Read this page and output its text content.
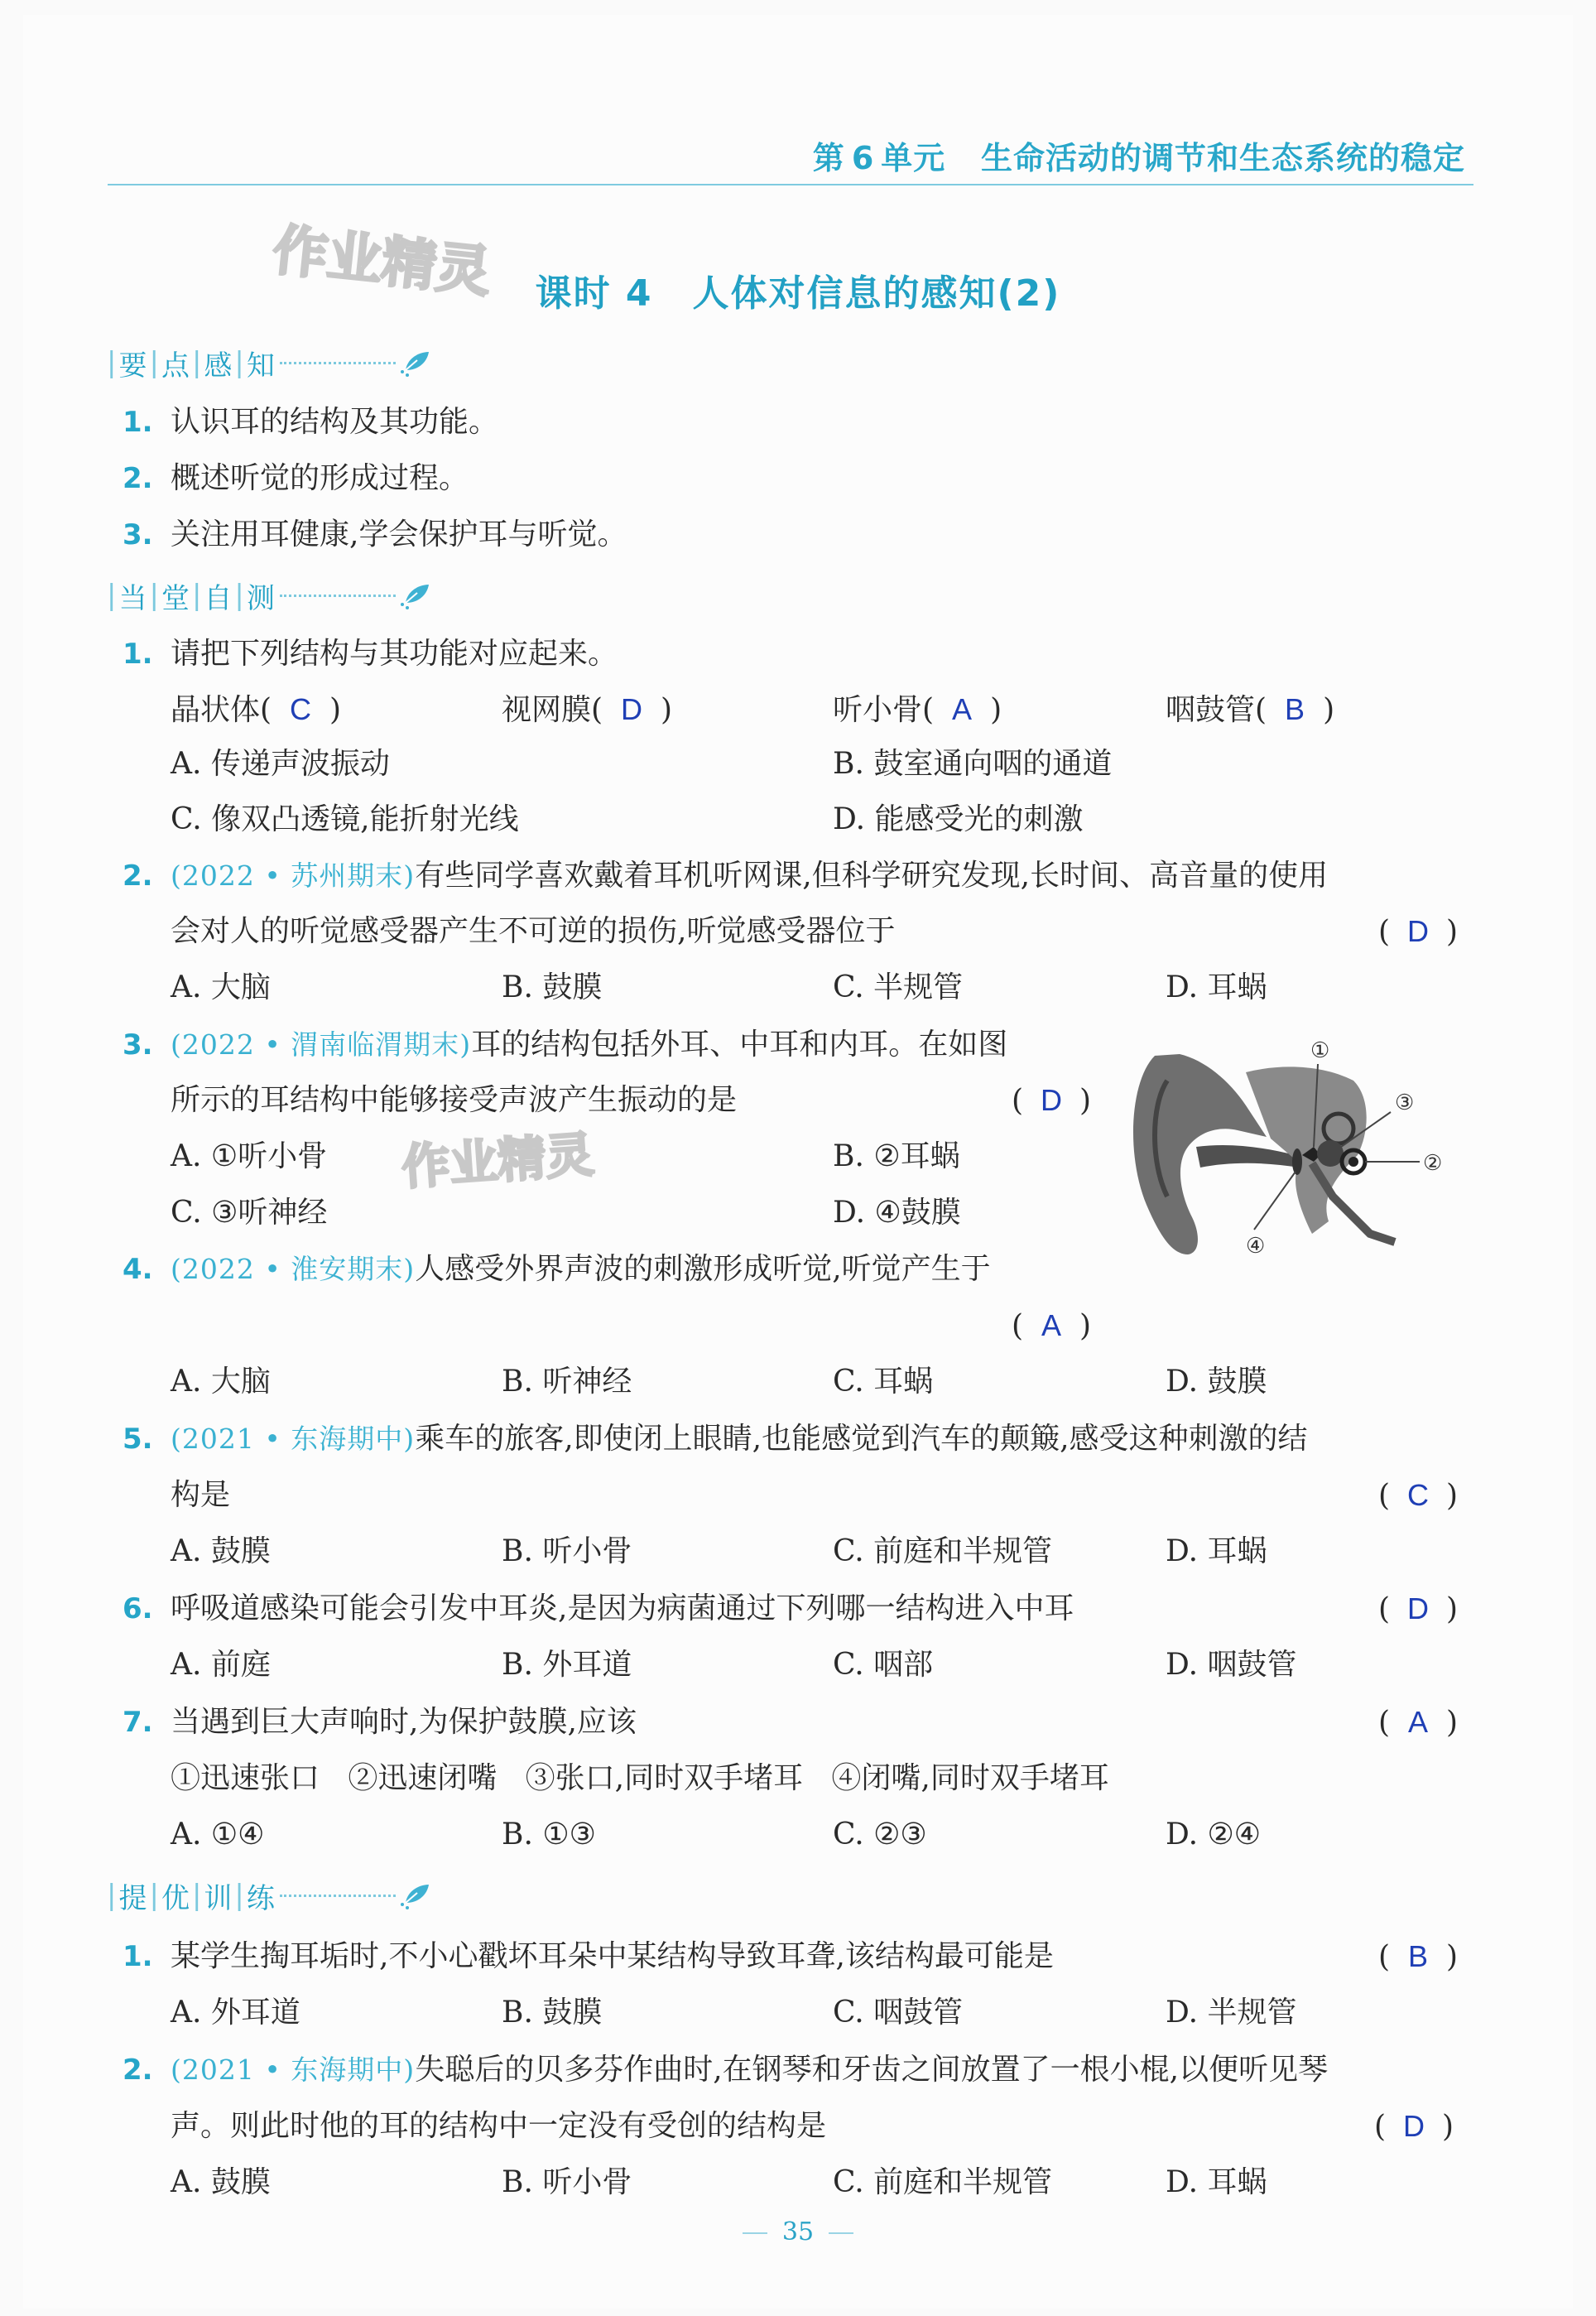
第 6 单元 生命活动的调节和生态系统的稳定
作业精灵	课时 4 人体对信息的感知(2)
| 要 | 点 | 感 | 知
1. 认识耳的结构及其功能。
2. 概述听觉的形成过程。
3. 关注用耳健康,学会保护耳与听觉。
| 当 | 堂 | 自 | 测
1. 请把下列结构与其功能对应起来。
晶状体( C )	视网膜( D )	听小骨( A )	咽鼓管( B )
A. 传递声波振动	B. 鼓室通向咽的通道
C. 像双凸透镜,能折射光线	D. 能感受光的刺激
2. (2022 • 苏州期末)有些同学喜欢戴着耳机听网课,但科学研究发现,长时间、高音量的使用
会对人的听觉感受器产生不可逆的损伤,听觉感受器位于	( D )
A. 大脑	B. 鼓膜	C. 半规管	D. 耳蜗
3. (2022 • 渭南临渭期末)耳的结构包括外耳、中耳和内耳。在如图
所示的耳结构中能够接受声波产生振动的是	( D )
A. ①听小骨	B. ②耳蜗
C. ③听神经	D. ④鼓膜
作业精灵
①
②
③
④
4. (2022 • 淮安期末)人感受外界声波的刺激形成听觉,听觉产生于
( A )
A. 大脑	B. 听神经	C. 耳蜗	D. 鼓膜
5. (2021 • 东海期中)乘车的旅客,即使闭上眼睛,也能感觉到汽车的颠簸,感受这种刺激的结
构是	( C )
A. 鼓膜	B. 听小骨	C. 前庭和半规管	D. 耳蜗
6. 呼吸道感染可能会引发中耳炎,是因为病菌通过下列哪一结构进入中耳	( D )
A. 前庭	B. 外耳道	C. 咽部	D. 咽鼓管
7. 当遇到巨大声响时,为保护鼓膜,应该	( A )
①迅速张口   ②迅速闭嘴   ③张口,同时双手堵耳   ④闭嘴,同时双手堵耳
A. ①④	B. ①③	C. ②③	D. ②④
| 提 | 优 | 训 | 练
1. 某学生掏耳垢时,不小心戳坏耳朵中某结构导致耳聋,该结构最可能是	( B )
A. 外耳道	B. 鼓膜	C. 咽鼓管	D. 半规管
2. (2021 • 东海期中)失聪后的贝多芬作曲时,在钢琴和牙齿之间放置了一根小棍,以便听见琴
声。则此时他的耳的结构中一定没有受创的结构是	( D )
A. 鼓膜	B. 听小骨	C. 前庭和半规管	D. 耳蜗
35
